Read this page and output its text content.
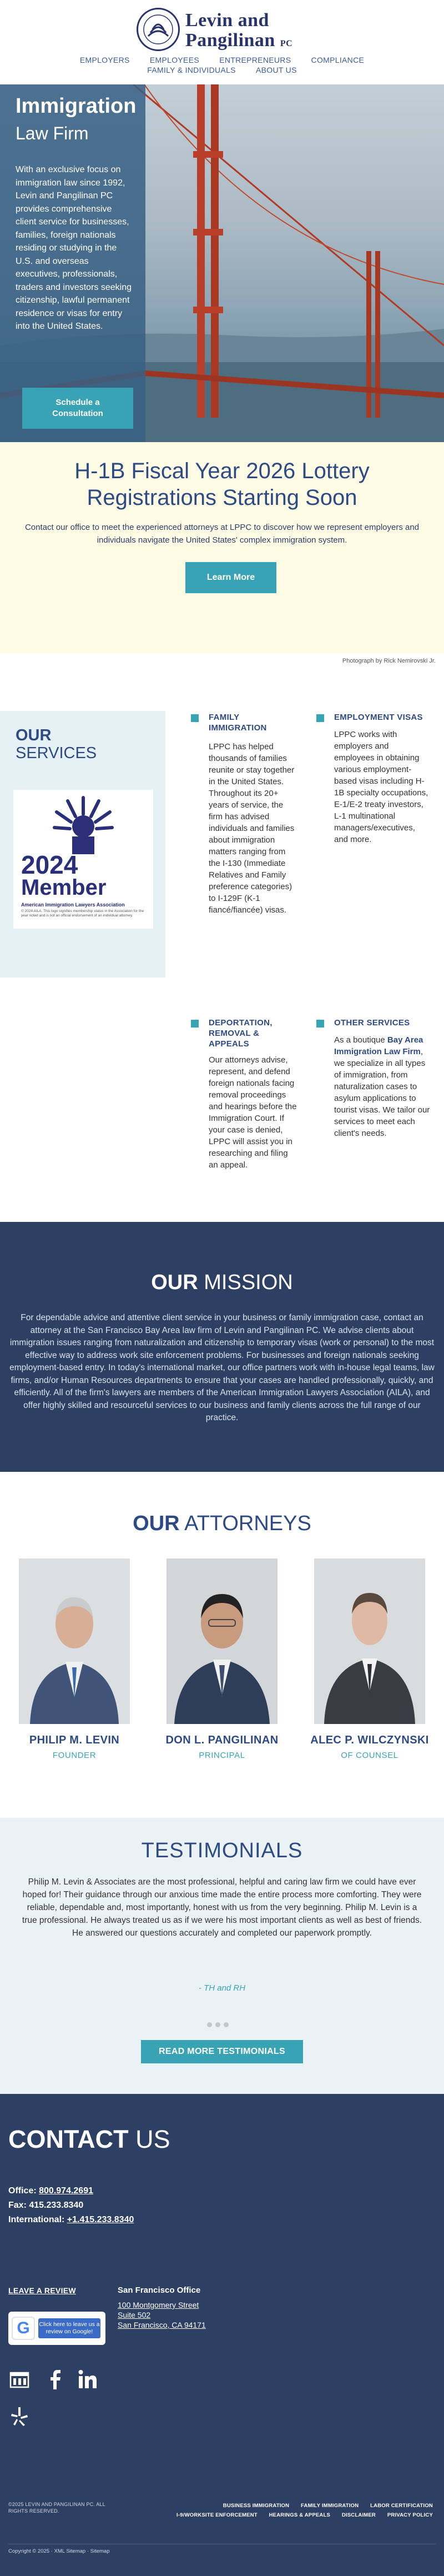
Levin and
Pangilinan PC
EMPLOYERS	EMPLOYEES	ENTREPRENEURS	COMPLIANCE FAMILY & INDIVIDUALS	ABOUT US
Immigration
Law Firm
With an exclusive focus on immigration law since 1992, Levin and Pangilinan PC provides comprehensive client service for businesses, families, foreign nationals residing or studying in the U.S. and overseas executives, professionals, traders and investors seeking citizenship, lawful permanent residence or visas for entry into the United States.
Schedule a Consultation
H-1B Fiscal Year 2026 Lottery Registrations Starting Soon
Contact our office to meet the experienced attorneys at LPPC to discover how we represent employers and individuals navigate the United States' complex immigration system.
Learn More
Photograph by Rick Nemirovski Jr.
OUR
SERVICES
2024
Member
American Immigration Lawyers Association
© 2024 AILA. This logo signifies membership status in the Association for the year noted and is not an official endorsement of an individual attorney.
FAMILY IMMIGRATION
LPPC has helped thousands of families reunite or stay together in the United States. Throughout its 20+ years of service, the firm has advised individuals and families about immigration matters ranging from the I-130 (Immediate Relatives and Family preference categories) to I-129F (K-1 fiancé/fiancée) visas.
EMPLOYMENT VISAS
LPPC works with employers and employees in obtaining various employment-based visas including H-1B specialty occupations, E-1/E-2 treaty investors, L-1 multinational managers/executives, and more.
DEPORTATION, REMOVAL & APPEALS
Our attorneys advise, represent, and defend foreign nationals facing removal proceedings and hearings before the Immigration Court. If your case is denied, LPPC will assist you in researching and filing an appeal.
OTHER SERVICES
As a boutique Bay Area Immigration Law Firm, we specialize in all types of immigration, from naturalization cases to asylum applications to tourist visas. We tailor our services to meet each client's needs.
OUR MISSION
For dependable advice and attentive client service in your business or family immigration case, contact an attorney at the San Francisco Bay Area law firm of Levin and Pangilinan PC. We advise clients about immigration issues ranging from naturalization and citizenship to temporary visas (work or personal) to the most effective way to address work site enforcement problems. For businesses and foreign nationals seeking employment-based entry. In today's international market, our office partners work with in-house legal teams, law firms, and/or Human Resources departments to ensure that your cases are handled professionally, quickly, and efficiently. All of the firm's lawyers are members of the American Immigration Lawyers Association (AILA), and offer highly skilled and resourceful services to our business and family clients across the full range of our practice.
OUR ATTORNEYS
PHILIP M. LEVIN
FOUNDER
DON L. PANGILINAN
PRINCIPAL
ALEC P. WILCZYNSKI
OF COUNSEL
TESTIMONIALS
Philip M. Levin & Associates are the most professional, helpful and caring law firm we could have ever hoped for! Their guidance through our anxious time made the entire process more comforting. They were reliable, dependable and, most importantly, honest with us from the very beginning. Philip M. Levin is a true professional. He always treated us as if we were his most important clients as well as best of friends. He answered our questions accurately and completed our paperwork promptly.
- TH and RH
READ MORE TESTIMONIALS
CONTACT US
Office: 800.974.2691
Fax: 415.233.8340
International: +1.415.233.8340
LEAVE A REVIEW	San Francisco Office
100 Montgomery Street
Suite 502
San Francisco, CA 94171
G	Click here to leave us a review on Google!
©2025 LEVIN AND PANGILINAN PC. ALL RIGHTS RESERVED.
BUSINESS IMMIGRATION FAMILY IMMIGRATION LABOR CERTIFICATION I-9/WORKSITE ENFORCEMENT HEARINGS & APPEALS DISCLAIMER PRIVACY POLICY
Copyright © 2025 · XML Sitemap · Sitemap
